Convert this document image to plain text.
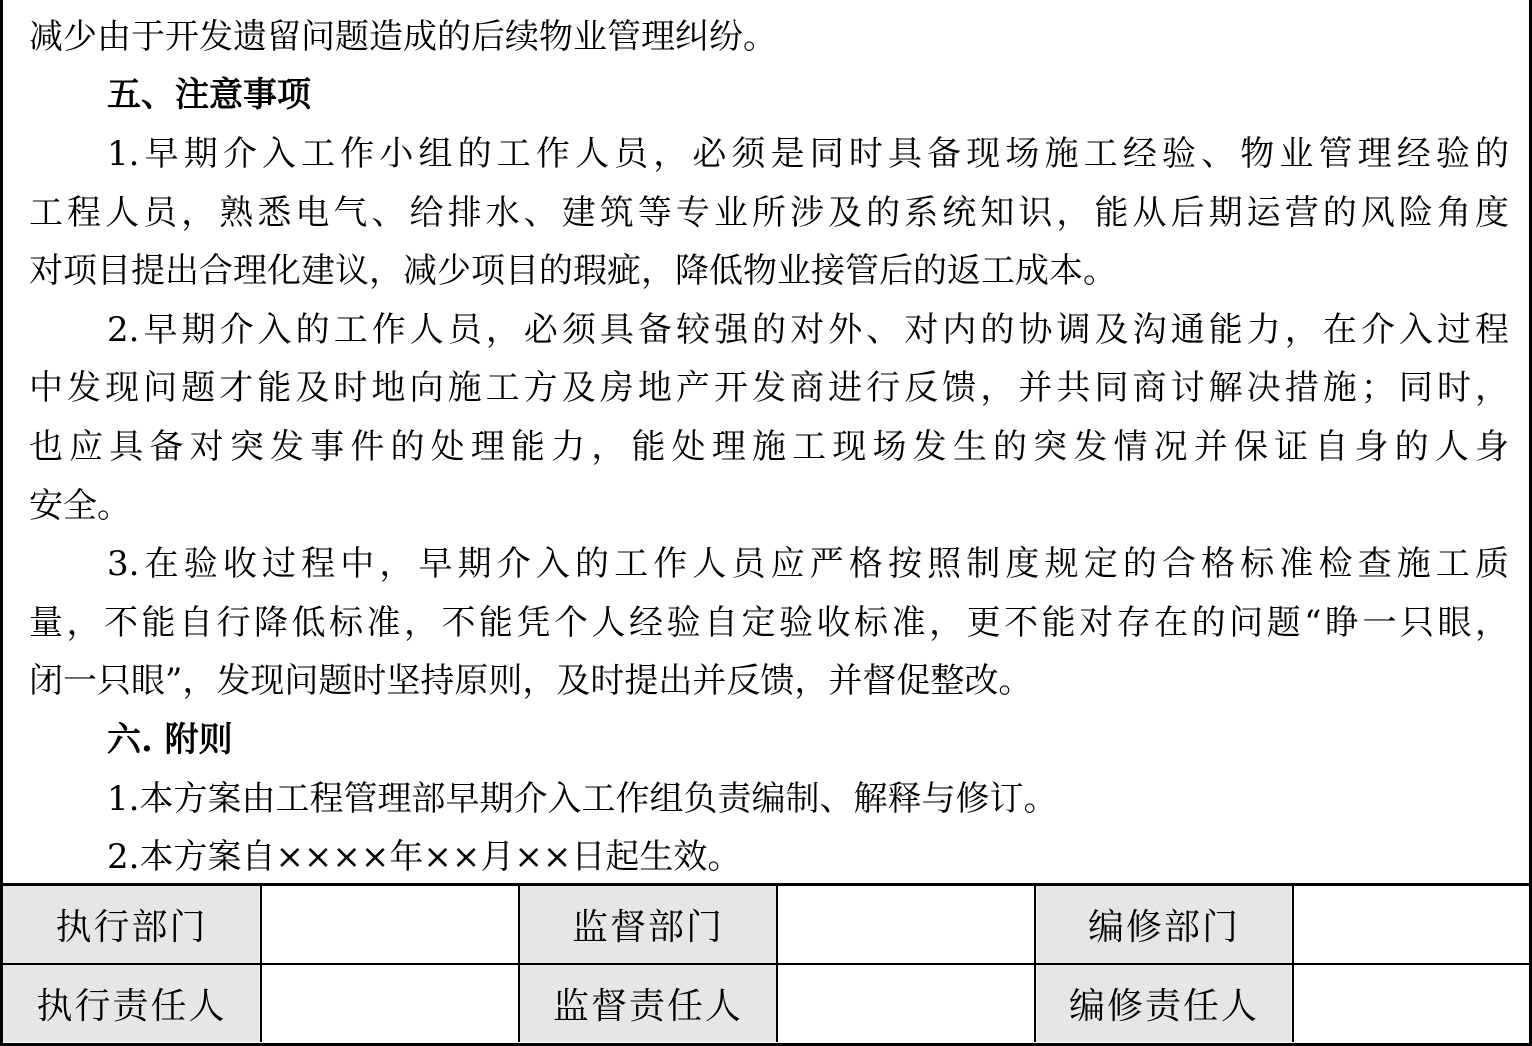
减少由于开发遗留问题造成的后续物业管理纠纷。
五、注意事项
1.早期介入工作小组的工作人员，必须是同时具备现场施工经验、物业管理经验的
工程人员，熟悉电气、给排水、建筑等专业所涉及的系统知识，能从后期运营的风险角度
对项目提出合理化建议，减少项目的瑕疵，降低物业接管后的返工成本。
2.早期介入的工作人员，必须具备较强的对外、对内的协调及沟通能力，在介入过程
中发现问题才能及时地向施工方及房地产开发商进行反馈，并共同商讨解决措施；同时，
也应具备对突发事件的处理能力，能处理施工现场发生的突发情况并保证自身的人身
安全。
3.在验收过程中，早期介入的工作人员应严格按照制度规定的合格标准检查施工质
量，不能自行降低标准，不能凭个人经验自定验收标准，更不能对存在的问题“睁一只眼，
闭一只眼”，发现问题时坚持原则，及时提出并反馈，并督促整改。
六. 附则
1.本方案由工程管理部早期介入工作组负责编制、解释与修订。
2.本方案自××××年××月××日起生效。
执行部门		监督部门		编修部门	
执行责任人		监督责任人		编修责任人	
